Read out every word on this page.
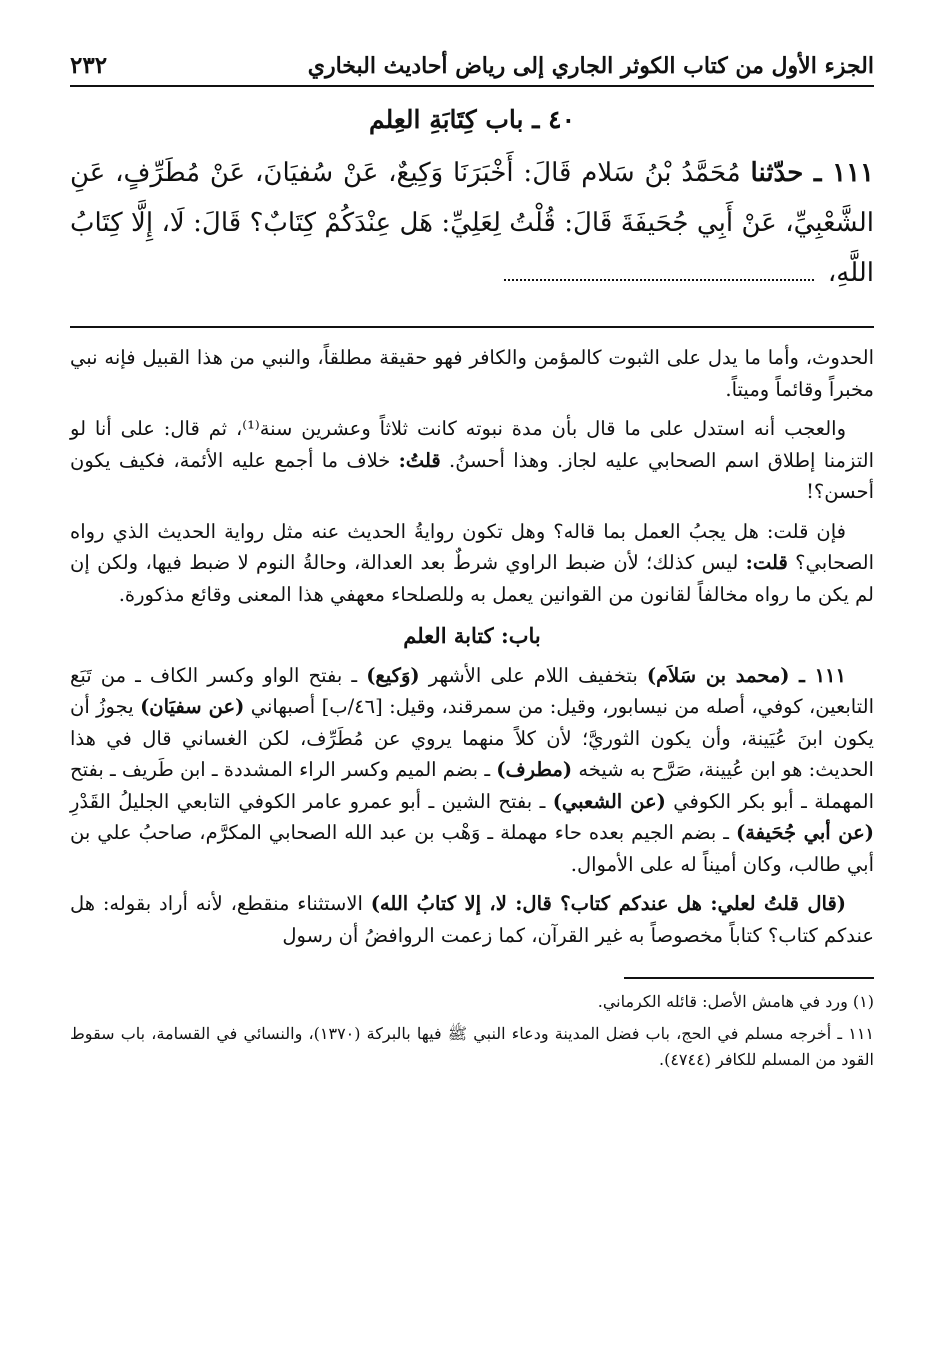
الجزء الأول من كتاب الكوثر الجاري إلى رياض أحاديث البخاري
٢٣٢
٤٠ ـ باب كِتَابَةِ العِلم
١١١ ـ حدّثنا مُحَمَّدُ بْنُ سَلام قَالَ: أَخْبَرَنَا وَكِيعٌ، عَنْ سُفيَانَ، عَنْ مُطَرِّفٍ، عَنِ الشَّعْبِيِّ، عَنْ أَبِي جُحَيفَةَ قَالَ: قُلْتُ لِعَلِيِّ: هَل عِنْدَكُمْ كِتَابٌ؟ قَالَ: لَا، إِلَّا كِتَابُ اللَّهِ،

الحدوث، وأما ما يدل على الثبوت كالمؤمن والكافر فهو حقيقة مطلقاً، والنبي من هذا القبيل فإنه نبي مخبراً وقائماً وميتاً.

والعجب أنه استدل على ما قال بأن مدة نبوته كانت ثلاثاً وعشرين سنة⁽¹⁾، ثم قال: على أنا لو التزمنا إطلاق اسم الصحابي عليه لجاز. وهذا أحسنُ. قلتُ: خلاف ما أجمع عليه الأئمة، فكيف يكون أحسن؟!

فإن قلت: هل يجبُ العمل بما قاله؟ وهل تكون روايةُ الحديث عنه مثل رواية الحديث الذي رواه الصحابي؟ قلت: ليس كذلك؛ لأن ضبط الراوي شرطٌ بعد العدالة، وحالةُ النوم لا ضبط فيها، ولكن إن لم يكن ما رواه مخالفاً لقانون من القوانين يعمل به وللصلحاء معهفي هذا المعنى وقائع مذكورة.

باب: كتابة العلم

١١١ ـ (محمد بن سَلاَم) بتخفيف اللام على الأشهر (وَكيع) ـ بفتح الواو وكسر الكاف ـ من تَبَع التابعين، كوفي، أصله من نيسابور، وقيل: من سمرقند، وقيل: [٤٦/ب] أصبهاني (عن سفيَان) يجوزُ أن يكون ابنَ عُيَينة، وأن يكون الثوريَّ؛ لأن كلاً منهما يروي عن مُطَرِّف، لكن الغساني قال في هذا الحديث: هو ابن عُيينة، صَرَّح به شيخه (مطرف) ـ بضم الميم وكسر الراء المشددة ـ ابن طَريف ـ بفتح المهملة ـ أبو بكر الكوفي (عن الشعبي) ـ بفتح الشين ـ أبو عمرو عامر الكوفي التابعي الجليلُ القَدْرِ (عن أبي جُحَيفة) ـ بضم الجيم بعده حاء مهملة ـ وَهْب بن عبد الله الصحابي المكرَّم، صاحبُ علي بن أبي طالب، وكان أميناً له على الأموال.

(قال قلتُ لعلي: هل عندكم كتاب؟ قال: لا، إلا كتابُ الله) الاستثناء منقطع، لأنه أراد بقوله: هل عندكم كتاب؟ كتاباً مخصوصاً به غير القرآن، كما زعمت الروافضُ أن رسول

(١) ورد في هامش الأصل: قائله الكرماني.

١١١ ـ أخرجه مسلم في الحج، باب فضل المدينة ودعاء النبي ﷺ فيها بالبركة (١٣٧٠)، والنسائي في القسامة، باب سقوط القود من المسلم للكافر (٤٧٤٤).
